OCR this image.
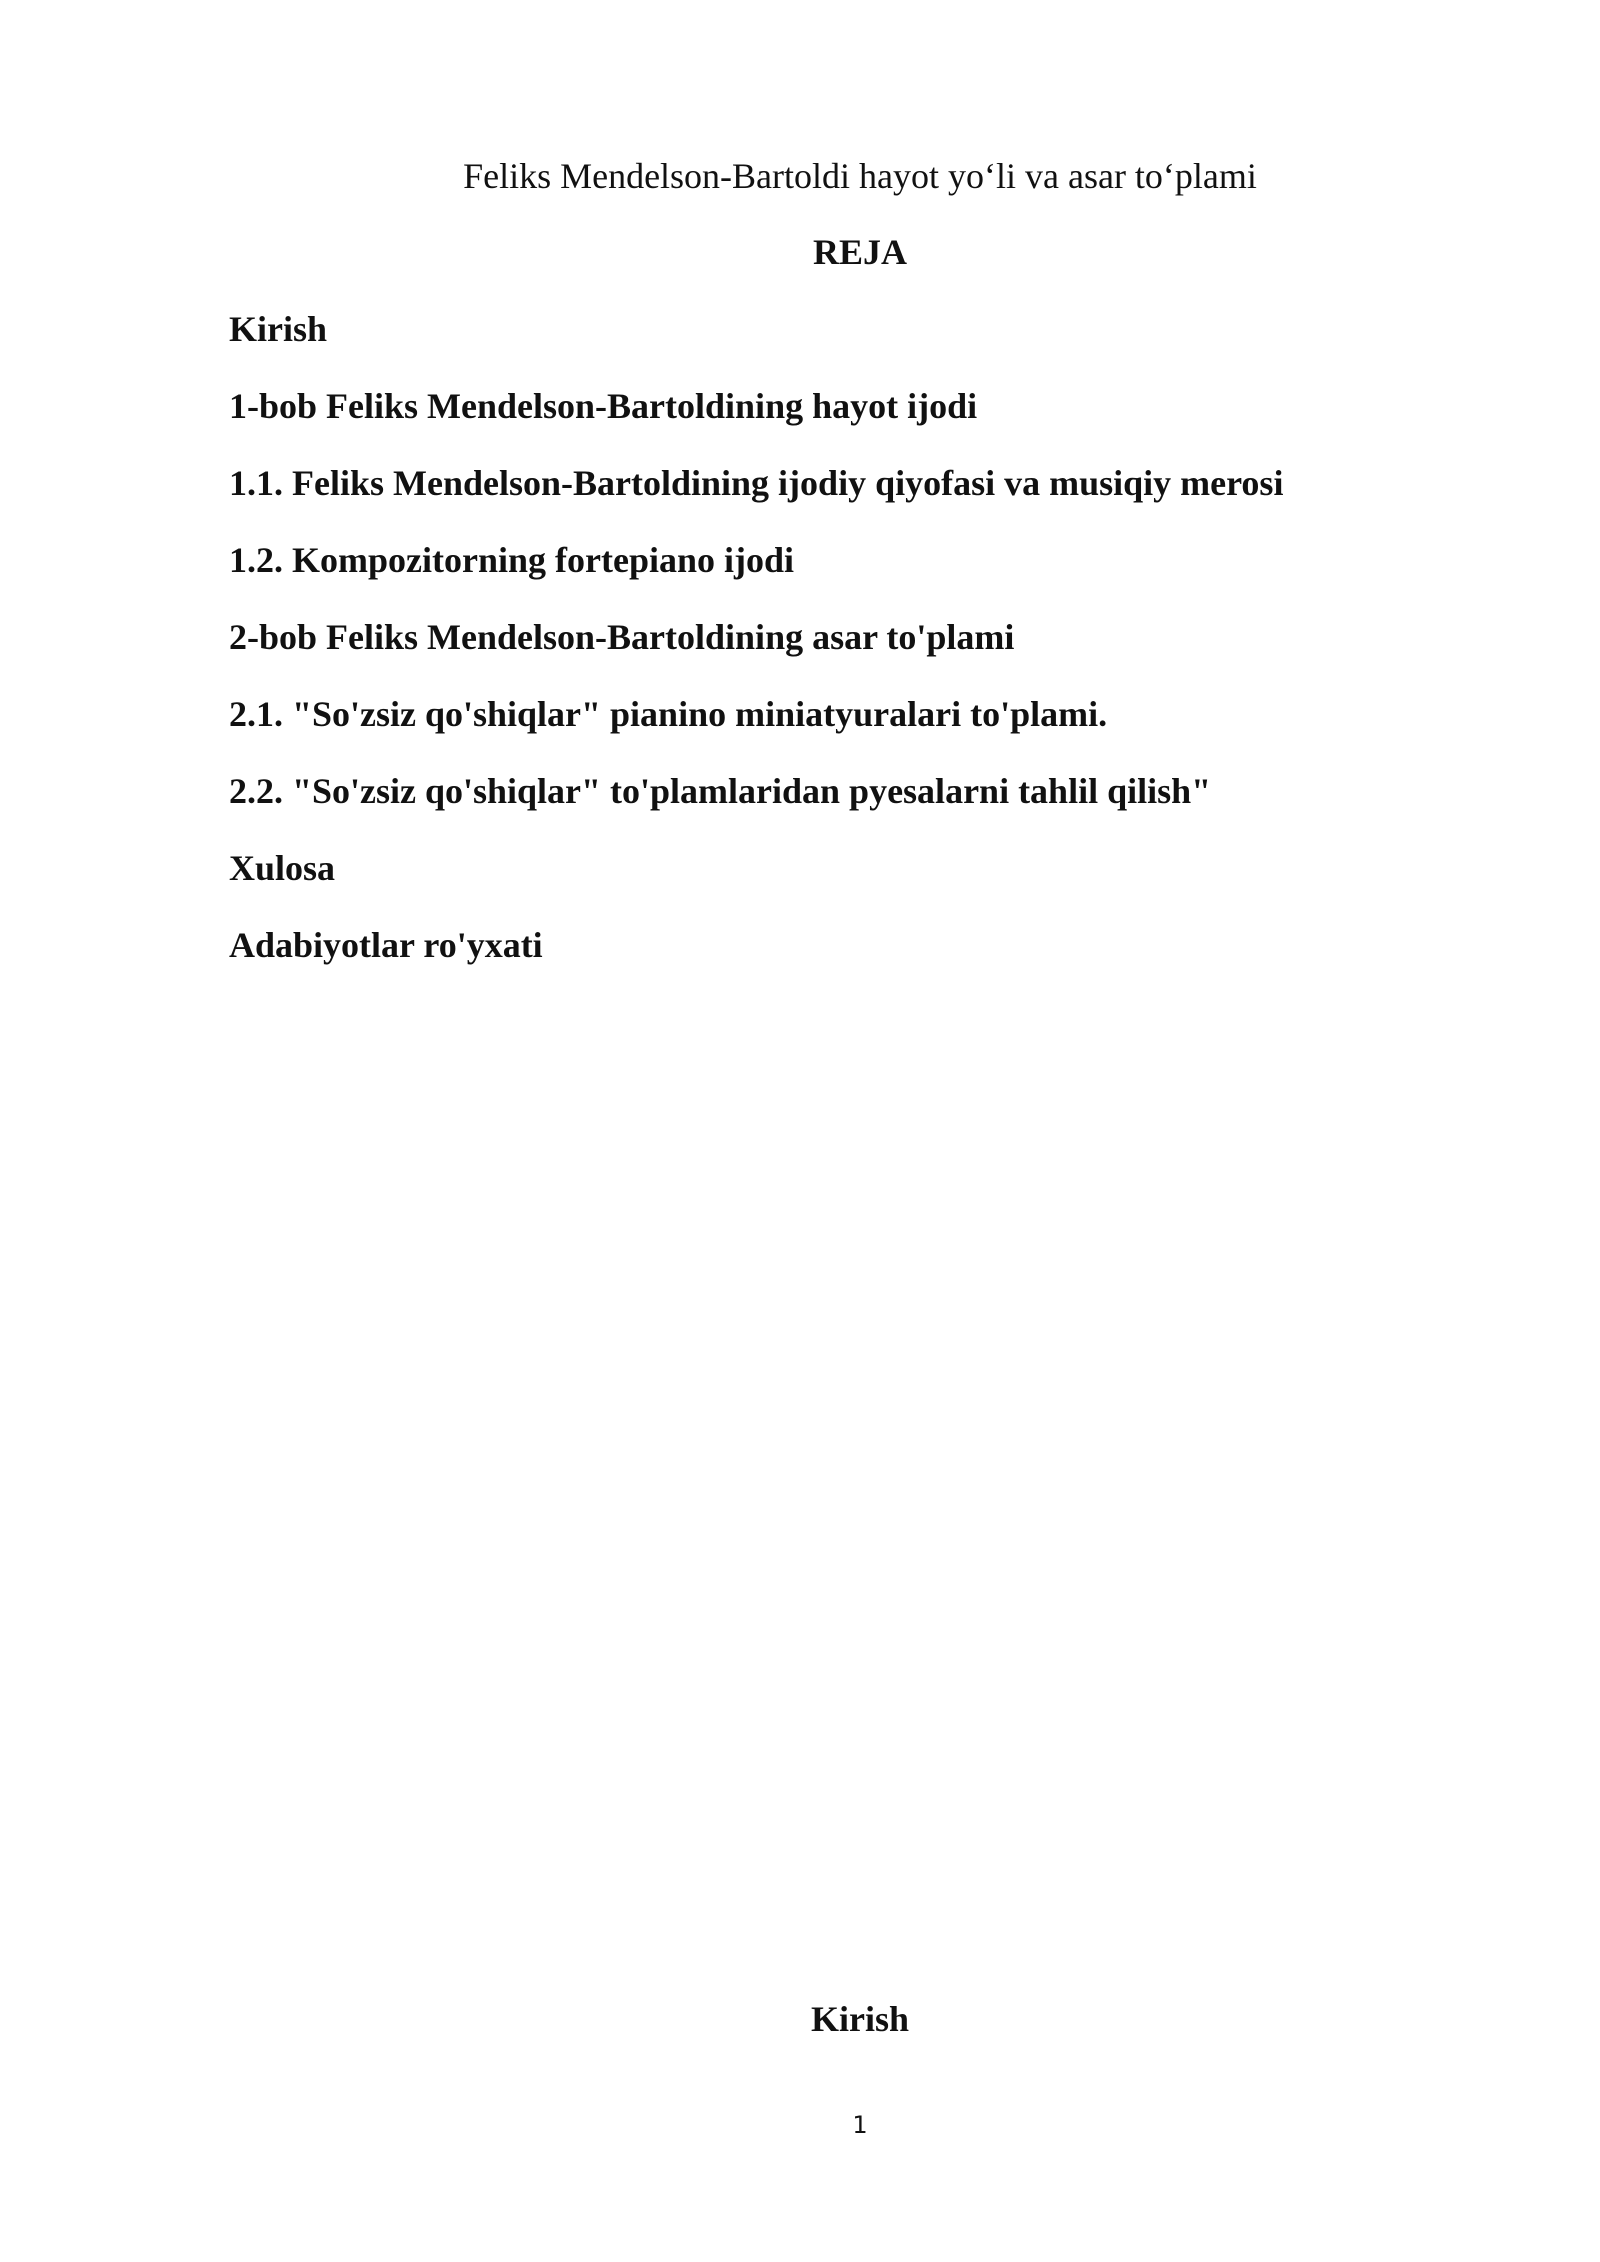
Feliks Mendelson-Bartoldi hayot yo‘li va asar to‘plami
REJA
Kirish
1-bob Feliks Mendelson-Bartoldining hayot ijodi
1.1. Feliks Mendelson-Bartoldining ijodiy qiyofasi va musiqiy merosi
1.2. Kompozitorning fortepiano ijodi
2-bob Feliks Mendelson-Bartoldining asar to'plami
2.1. "So'zsiz qo'shiqlar" pianino miniatyuralari to'plami.
2.2. "So'zsiz qo'shiqlar" to'plamlaridan pyesalarni tahlil qilish"
Xulosa
Adabiyotlar ro'yxati
Kirish
1
